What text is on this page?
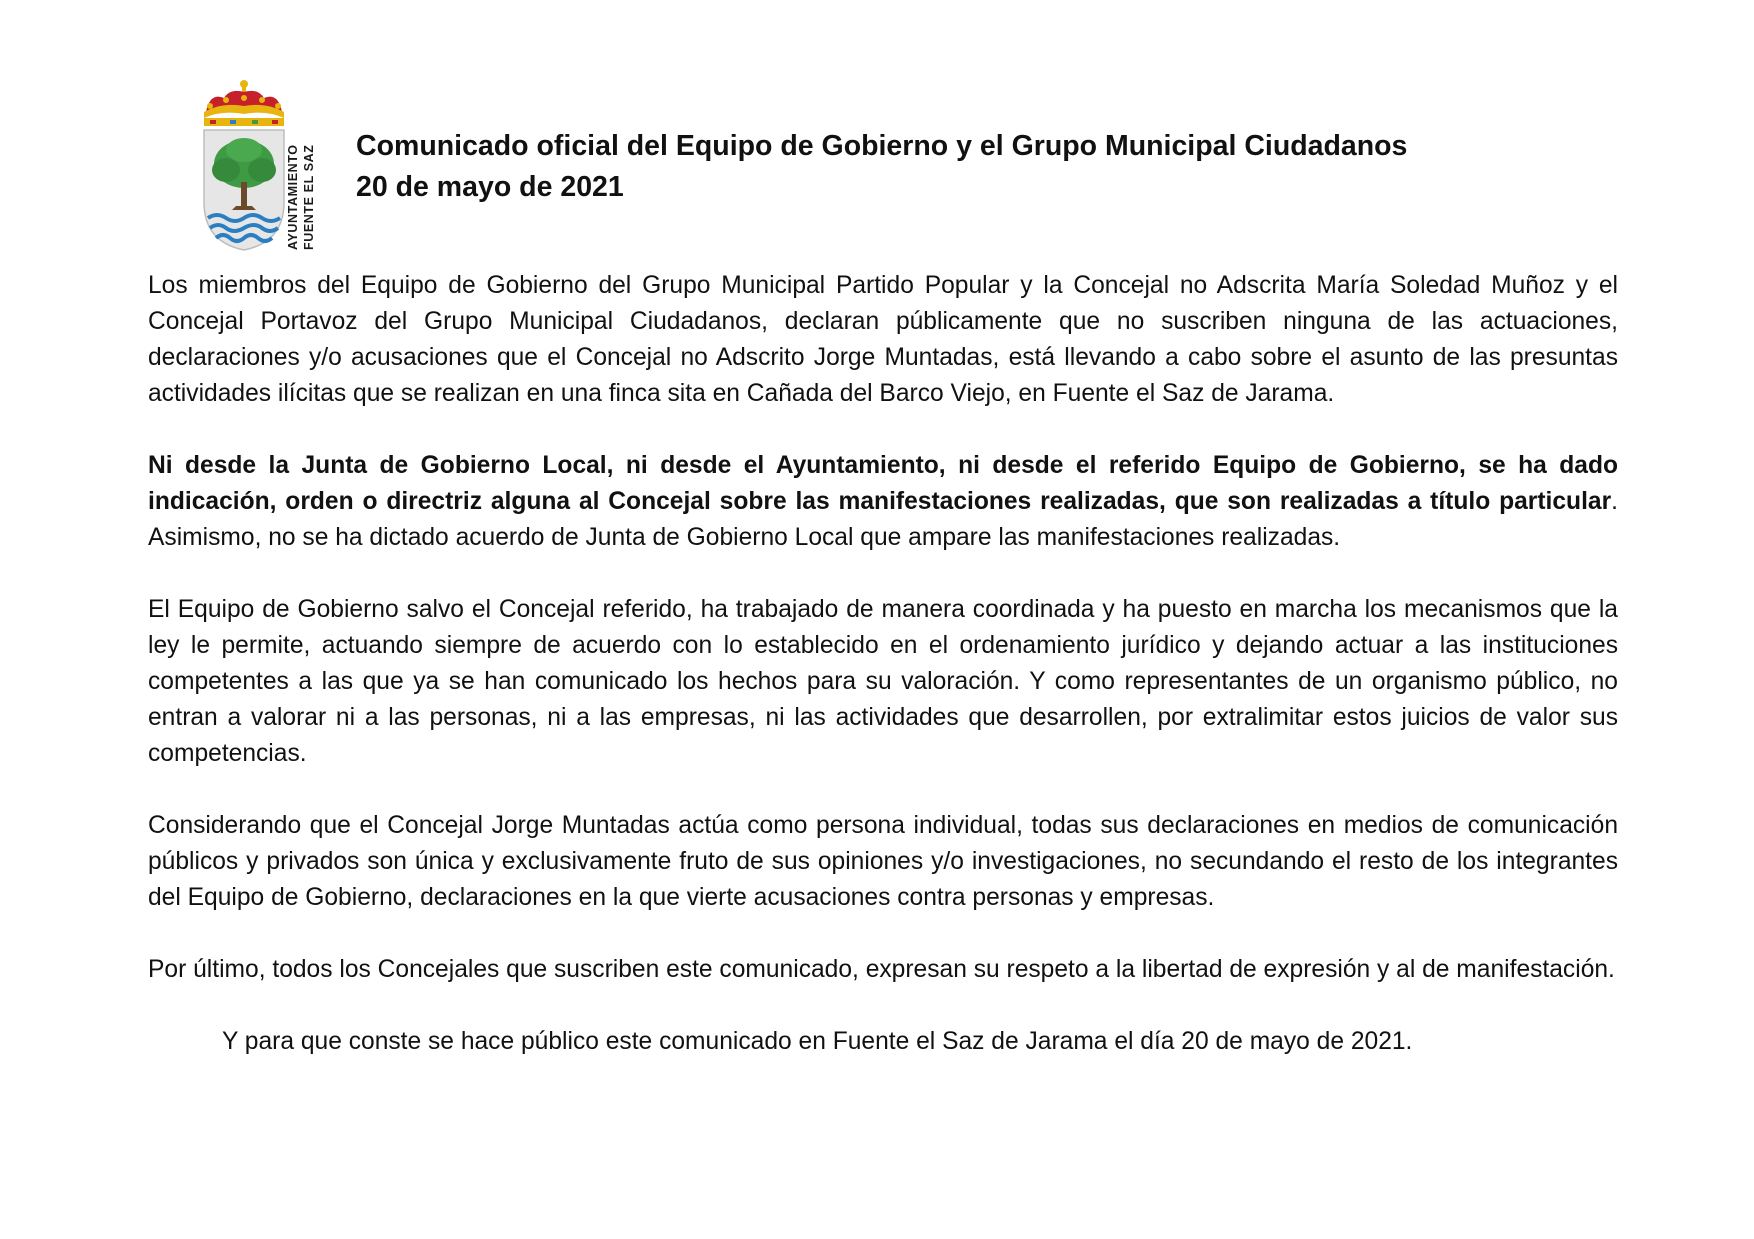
AYUNTAMIENTO FUENTE EL SAZ Comunicado oficial del Equipo de Gobierno y el Grupo Municipal Ciudadanos
20 de mayo de 2021

Los miembros del Equipo de Gobierno del Grupo Municipal Partido Popular y la Concejal no Adscrita María Soledad Muñoz y el Concejal Portavoz del Grupo Municipal Ciudadanos, declaran públicamente que no suscriben ninguna de las actuaciones, declaraciones y/o acusaciones que el Concejal no Adscrito Jorge Muntadas, está llevando a cabo sobre el asunto de las presuntas actividades ilícitas que se realizan en una finca sita en Cañada del Barco Viejo, en Fuente el Saz de Jarama.

Ni desde la Junta de Gobierno Local, ni desde el Ayuntamiento, ni desde el referido Equipo de Gobierno, se ha dado indicación, orden o directriz alguna al Concejal sobre las manifestaciones realizadas, que son realizadas a título particular. Asimismo, no se ha dictado acuerdo de Junta de Gobierno Local que ampare las manifestaciones realizadas.

El Equipo de Gobierno salvo el Concejal referido, ha trabajado de manera coordinada y ha puesto en marcha los mecanismos que la ley le permite, actuando siempre de acuerdo con lo establecido en el ordenamiento jurídico y dejando actuar a las instituciones competentes a las que ya se han comunicado los hechos para su valoración. Y como representantes de un organismo público, no entran a valorar ni a las personas, ni a las empresas, ni las actividades que desarrollen, por extralimitar estos juicios de valor sus competencias.

Considerando que el Concejal Jorge Muntadas actúa como persona individual, todas sus declaraciones en medios de comunicación públicos y privados son única y exclusivamente fruto de sus opiniones y/o investigaciones, no secundando el resto de los integrantes del Equipo de Gobierno, declaraciones en la que vierte acusaciones contra personas y empresas.

Por último, todos los Concejales que suscriben este comunicado, expresan su respeto a la libertad de expresión y al de manifestación.

Y para que conste se hace público este comunicado en Fuente el Saz de Jarama el día 20 de mayo de 2021.
